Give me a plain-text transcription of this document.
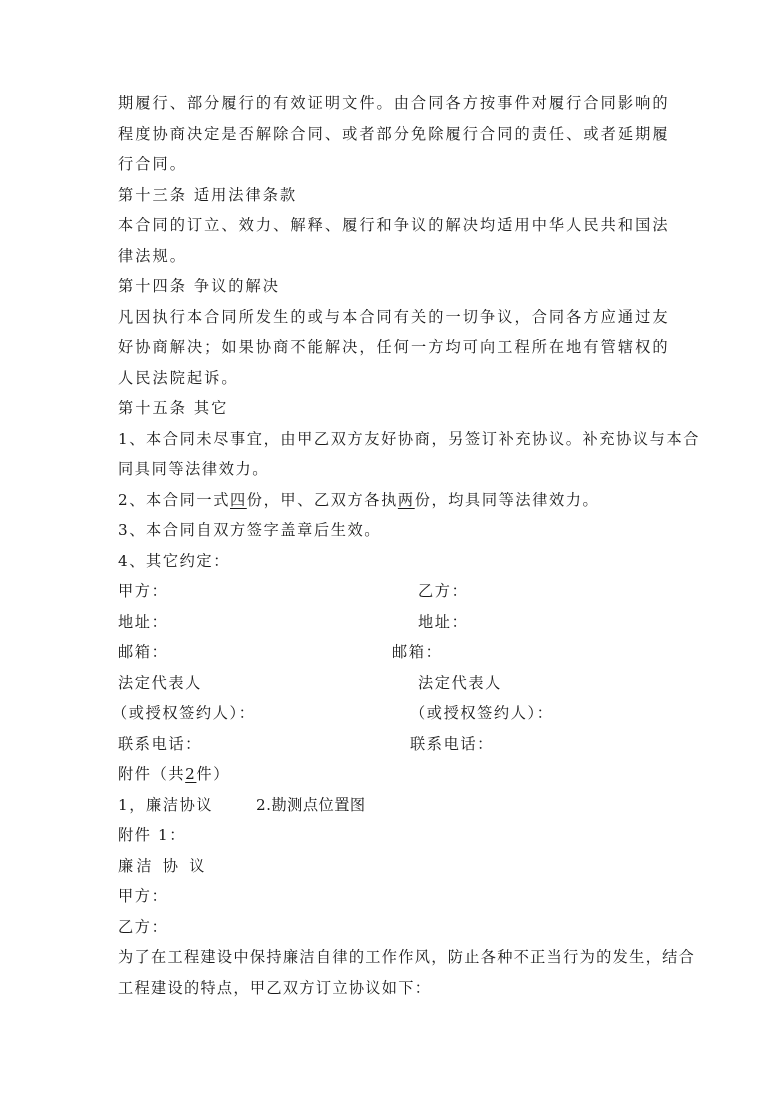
期履行、部分履行的有效证明文件。由合同各方按事件对履行合同影响的
程度协商决定是否解除合同、或者部分免除履行合同的责任、或者延期履
行合同。
第十三条 适用法律条款
本合同的订立、效力、解释、履行和争议的解决均适用中华人民共和国法
律法规。
第十四条 争议的解决
凡因执行本合同所发生的或与本合同有关的一切争议，合同各方应通过友
好协商解决；如果协商不能解决，任何一方均可向工程所在地有管辖权的
人民法院起诉。
第十五条 其它
1、本合同未尽事宜，由甲乙双方友好协商，另签订补充协议。补充协议与本合
同具同等法律效力。
2、本合同一式四份，甲、乙双方各执两份，均具同等法律效力。
3、本合同自双方签字盖章后生效。
4、其它约定：
甲方：	乙方：
地址：	地址：
邮箱：	邮箱：
法定代表人	法定代表人
（或授权签约人）：	（或授权签约人）：
联系电话：	联系电话：
附件（共2件）
1，廉洁协议	2.勘测点位置图
附件 1：
廉洁 协 议
甲方：
乙方：
为了在工程建设中保持廉洁自律的工作作风，防止各种不正当行为的发生，结合
工程建设的特点，甲乙双方订立协议如下：
